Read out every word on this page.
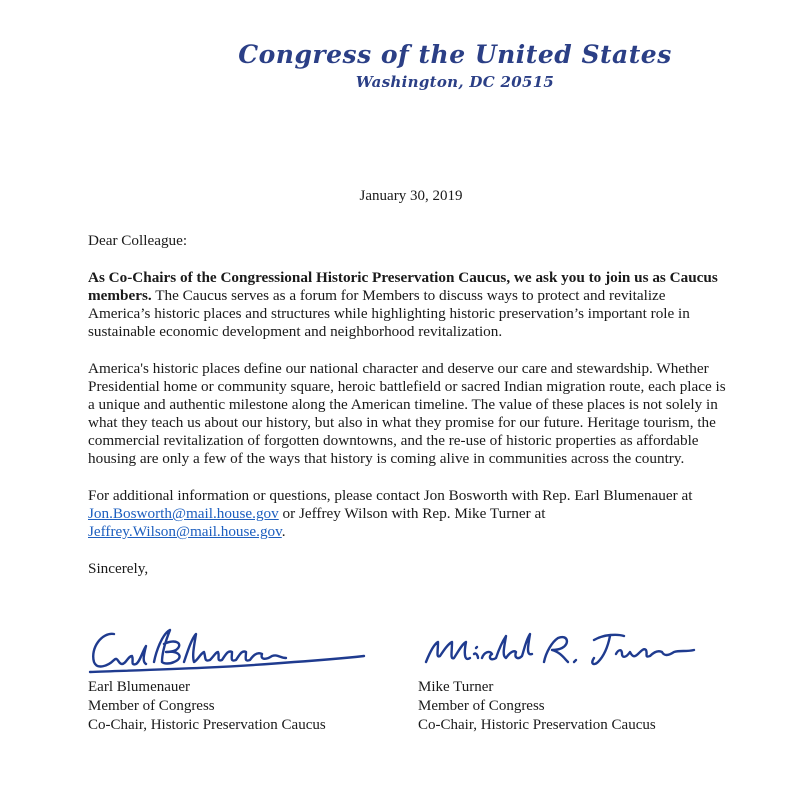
Congress of the United States
Washington, DC 20515
January 30, 2019

Dear Colleague:

As Co-Chairs of the Congressional Historic Preservation Caucus, we ask you to join us as Caucus members. The Caucus serves as a forum for Members to discuss ways to protect and revitalize America’s historic places and structures while highlighting historic preservation’s important role in sustainable economic development and neighborhood revitalization.

America's historic places define our national character and deserve our care and stewardship. Whether Presidential home or community square, heroic battlefield or sacred Indian migration route, each place is a unique and authentic milestone along the American timeline. The value of these places is not solely in what they teach us about our history, but also in what they promise for our future. Heritage tourism, the commercial revitalization of forgotten downtowns, and the re-use of historic properties as affordable housing are only a few of the ways that history is coming alive in communities across the country.

For additional information or questions, please contact Jon Bosworth with Rep. Earl Blumenauer at Jon.Bosworth@mail.house.gov or Jeffrey Wilson with Rep. Mike Turner at Jeffrey.Wilson@mail.house.gov.

Sincerely,

Earl Blumenauer
Member of Congress
Co-Chair, Historic Preservation Caucus
Mike Turner
Member of Congress
Co-Chair, Historic Preservation Caucus
